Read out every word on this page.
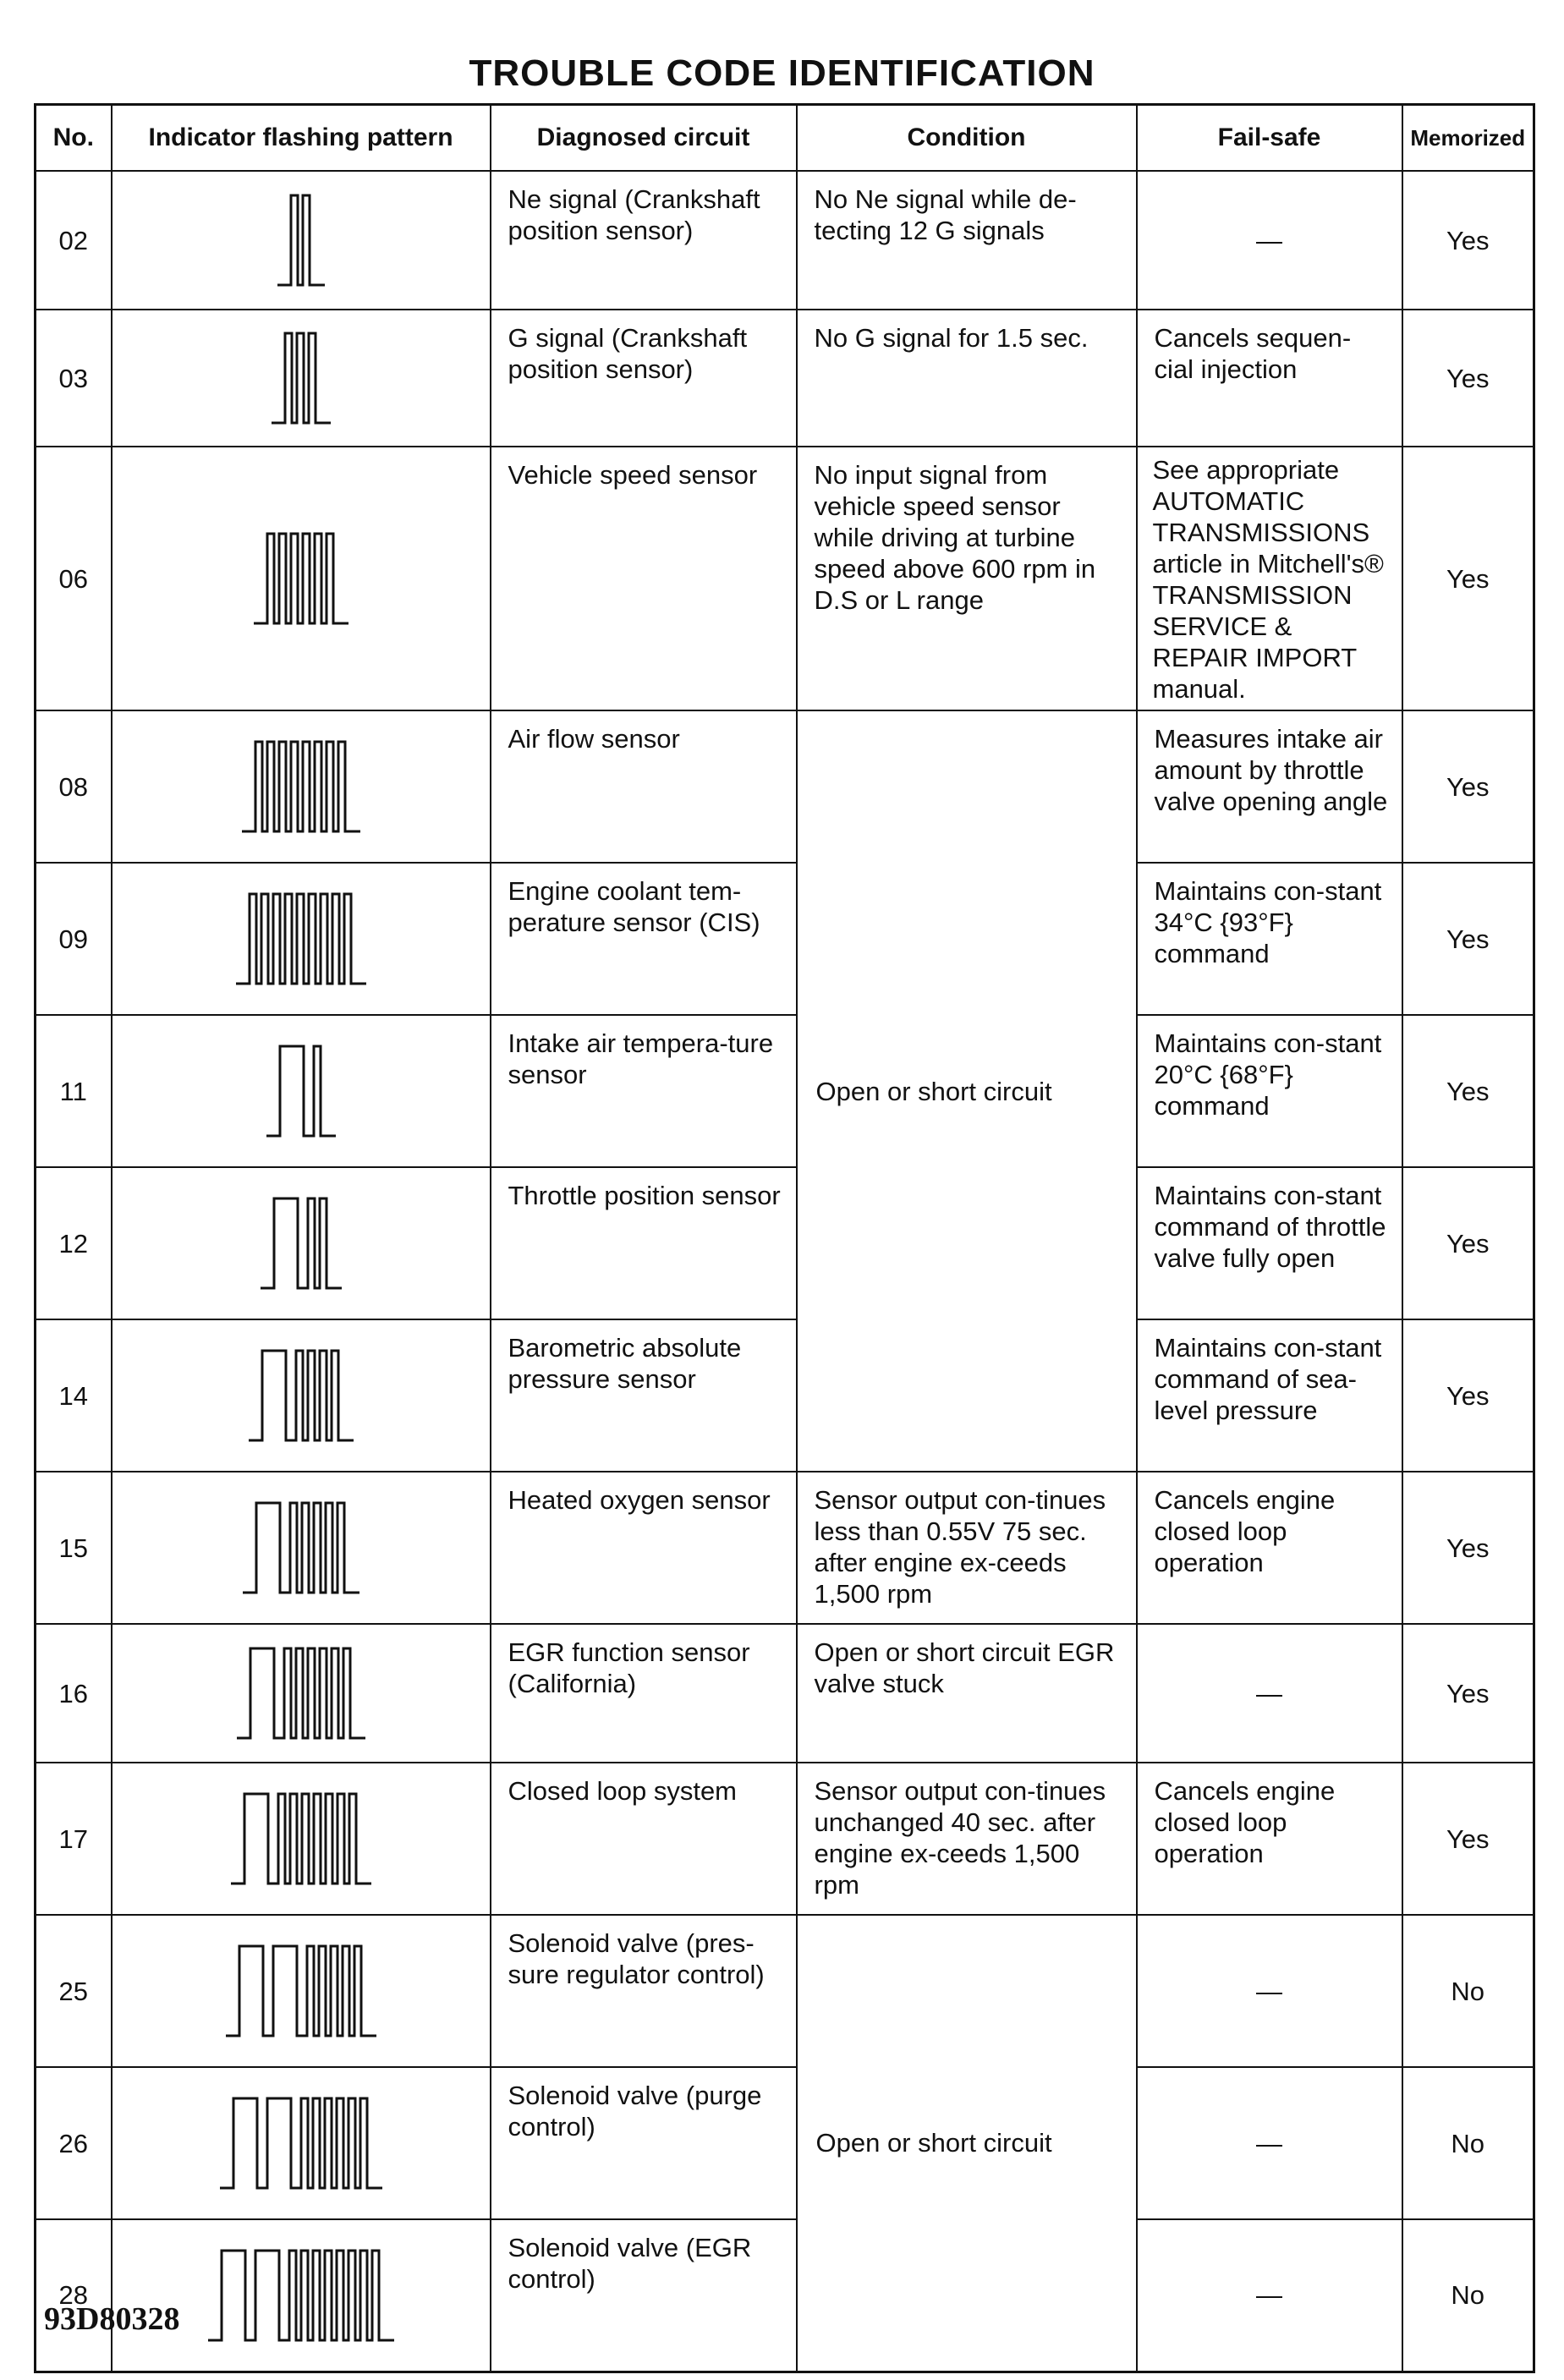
TROUBLE CODE IDENTIFICATION
No.	Indicator flashing pattern	Diagnosed circuit	Condition	Fail-safe	Memorized
02		Ne signal (Crankshaft position sensor)	No Ne signal while de-tecting 12 G signals	—	Yes
03		G signal (Crankshaft position sensor)	No G signal for 1.5 sec.	Cancels sequen-cial injection	Yes
06		Vehicle speed sensor	No input signal from vehicle speed sensor while driving at turbine speed above 600 rpm in D.S or L range	See appropriate AUTOMATIC TRANSMISSIONS article in Mitchell's® TRANSMISSION SERVICE & REPAIR IMPORT manual.	Yes
08		Air flow sensor	Open or short circuit	Measures intake air amount by throttle valve opening angle	Yes
09		Engine coolant tem-perature sensor (CIS)		Maintains con-stant 34°C {93°F} command	Yes
11		Intake air tempera-ture sensor		Maintains con-stant 20°C {68°F} command	Yes
12		Throttle position sensor		Maintains con-stant command of throttle valve fully open	Yes
14		Barometric absolute pressure sensor		Maintains con-stant command of sea-level pressure	Yes
15		Heated oxygen sensor	Sensor output con-tinues less than 0.55V 75 sec. after engine ex-ceeds 1,500 rpm	Cancels engine closed loop operation	Yes
16		EGR function sensor (California)	Open or short circuit EGR valve stuck	—	Yes
17		Closed loop system	Sensor output con-tinues unchanged 40 sec. after engine ex-ceeds 1,500 rpm	Cancels engine closed loop operation	Yes
25		Solenoid valve (pres-sure regulator control)	Open or short circuit	—	No
26		Solenoid valve (purge control)		—	No
28		Solenoid valve (EGR control)		—	No
93D80328
